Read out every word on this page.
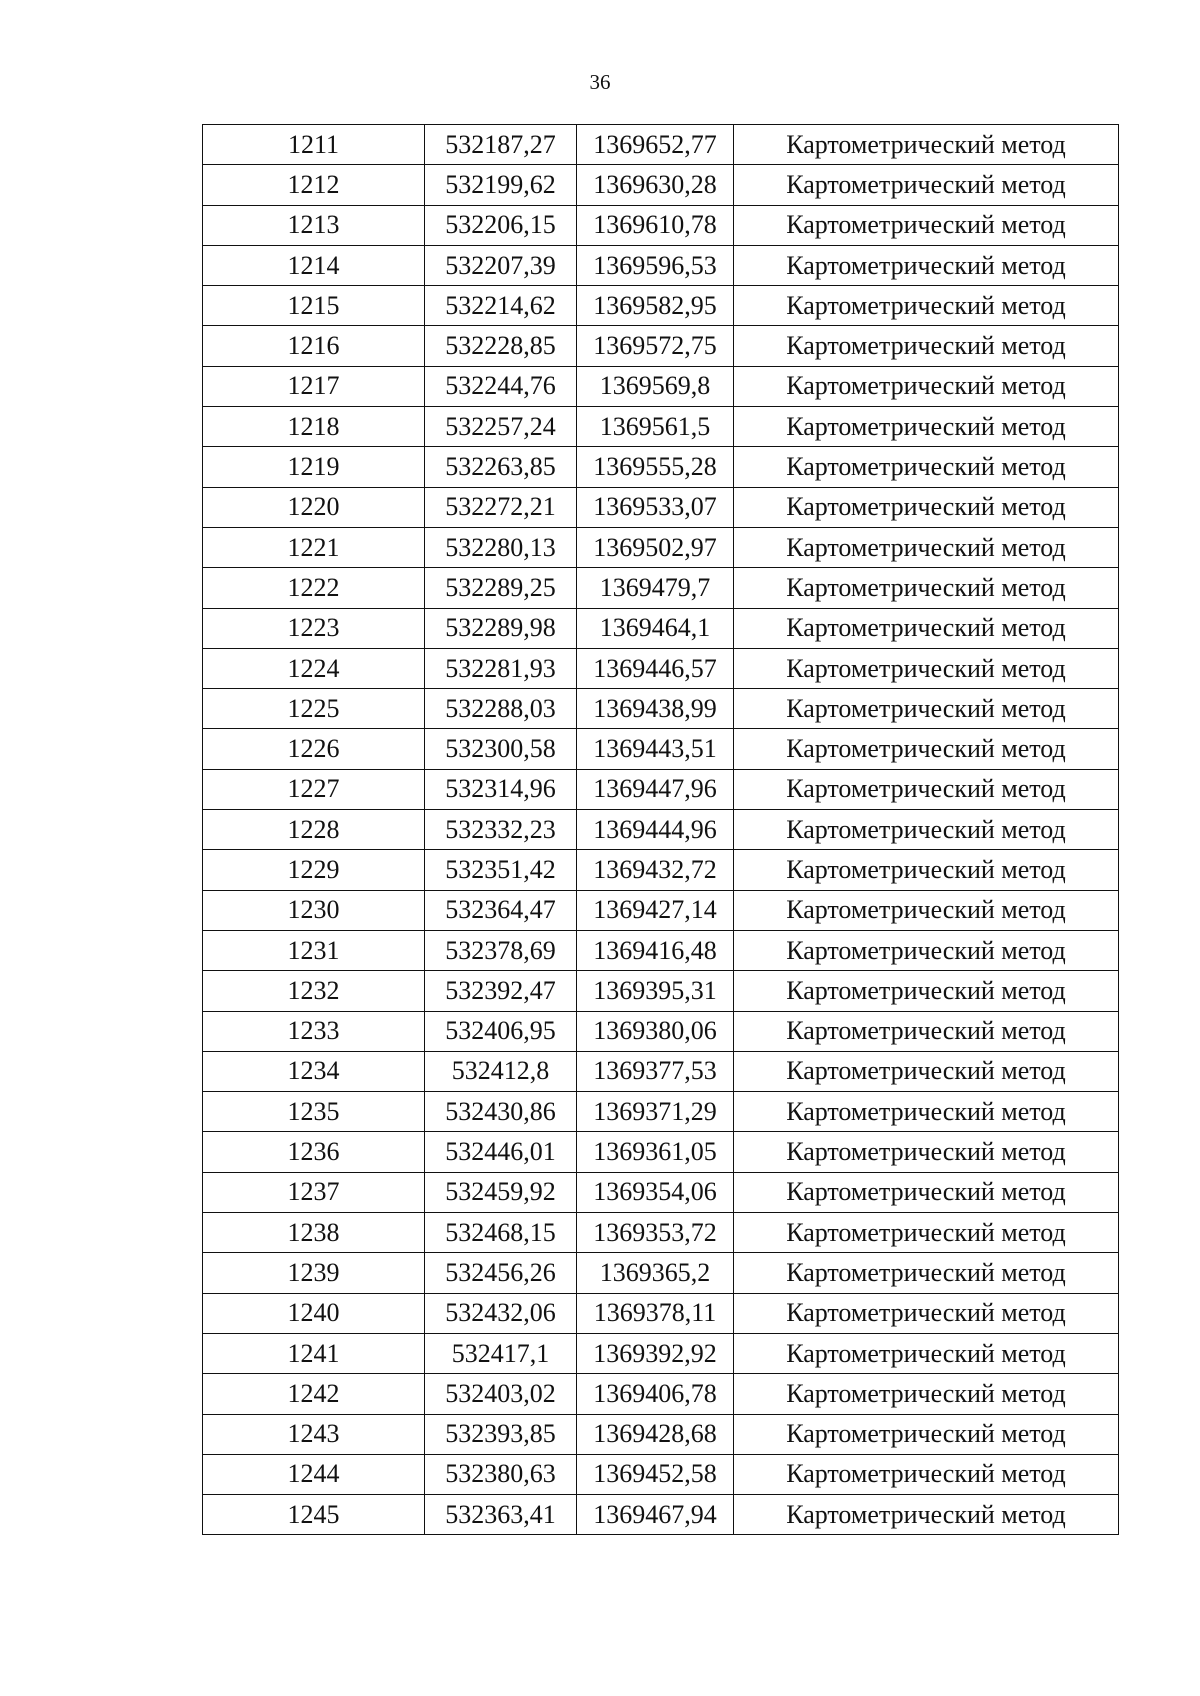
36
1211	532187,27	1369652,77	Картометрический метод
1212	532199,62	1369630,28	Картометрический метод
1213	532206,15	1369610,78	Картометрический метод
1214	532207,39	1369596,53	Картометрический метод
1215	532214,62	1369582,95	Картометрический метод
1216	532228,85	1369572,75	Картометрический метод
1217	532244,76	1369569,8	Картометрический метод
1218	532257,24	1369561,5	Картометрический метод
1219	532263,85	1369555,28	Картометрический метод
1220	532272,21	1369533,07	Картометрический метод
1221	532280,13	1369502,97	Картометрический метод
1222	532289,25	1369479,7	Картометрический метод
1223	532289,98	1369464,1	Картометрический метод
1224	532281,93	1369446,57	Картометрический метод
1225	532288,03	1369438,99	Картометрический метод
1226	532300,58	1369443,51	Картометрический метод
1227	532314,96	1369447,96	Картометрический метод
1228	532332,23	1369444,96	Картометрический метод
1229	532351,42	1369432,72	Картометрический метод
1230	532364,47	1369427,14	Картометрический метод
1231	532378,69	1369416,48	Картометрический метод
1232	532392,47	1369395,31	Картометрический метод
1233	532406,95	1369380,06	Картометрический метод
1234	532412,8	1369377,53	Картометрический метод
1235	532430,86	1369371,29	Картометрический метод
1236	532446,01	1369361,05	Картометрический метод
1237	532459,92	1369354,06	Картометрический метод
1238	532468,15	1369353,72	Картометрический метод
1239	532456,26	1369365,2	Картометрический метод
1240	532432,06	1369378,11	Картометрический метод
1241	532417,1	1369392,92	Картометрический метод
1242	532403,02	1369406,78	Картометрический метод
1243	532393,85	1369428,68	Картометрический метод
1244	532380,63	1369452,58	Картометрический метод
1245	532363,41	1369467,94	Картометрический метод
